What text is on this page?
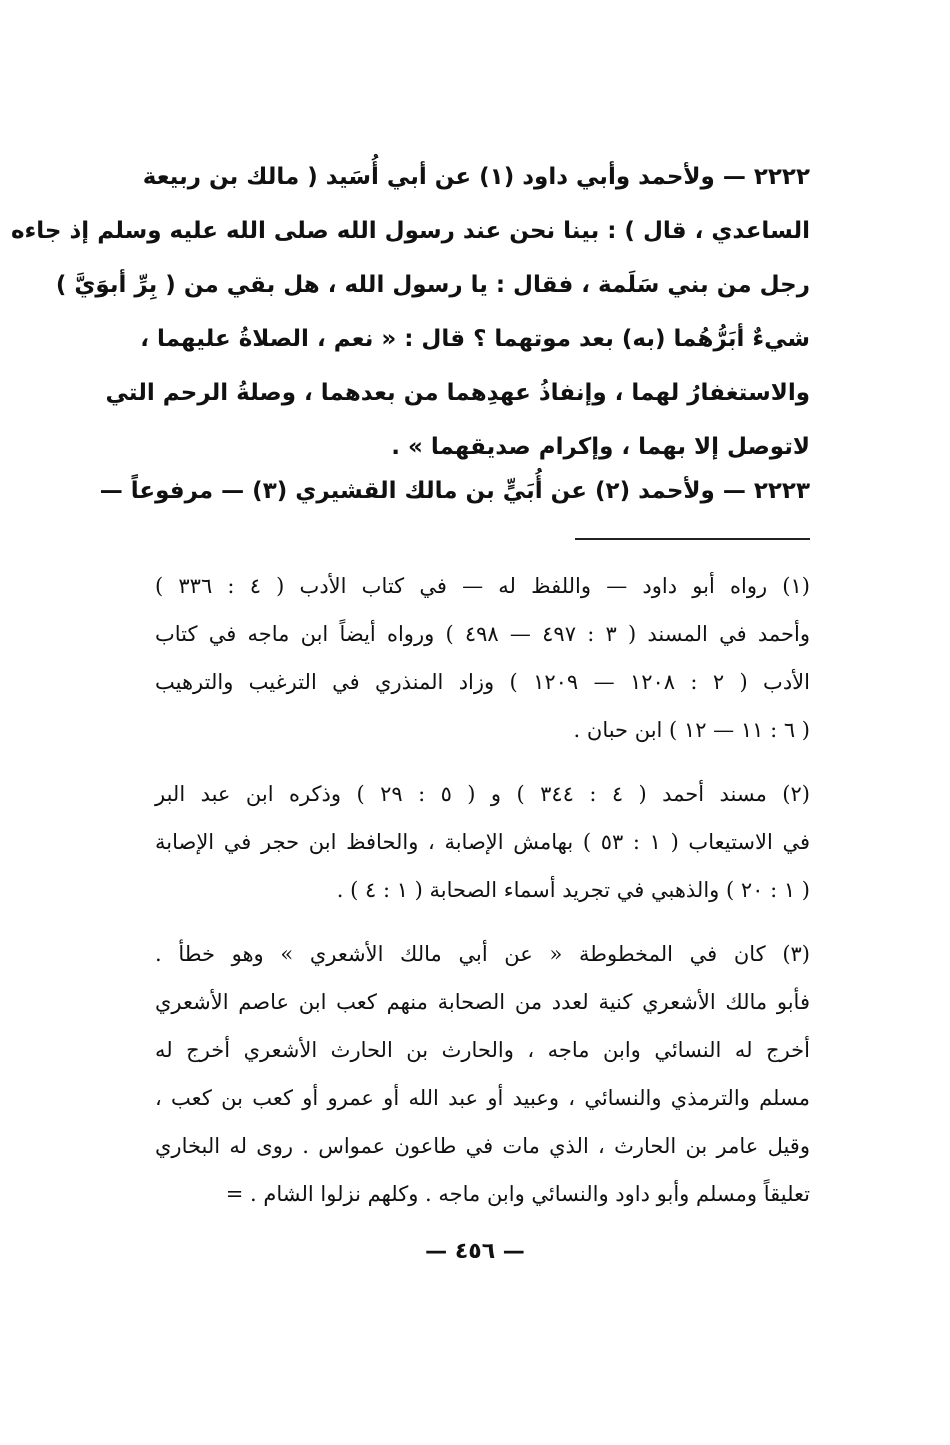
٢٢٢٢ — ولأحمد وأبي داود (١) عن أبي أُسَيد ( مالك بن ربيعة
الساعدي ، قال ) : بينا نحن عند رسول الله صلى الله عليه وسلم إذ جاءه
رجل من بني سَلَمة ، فقال : يا رسول الله ، هل بقي من ( بِرِّ أبوَيَّ )
شيءٌ أبَرُّهُما (به) بعد موتهما ؟ قال : « نعم ، الصلاةُ عليهما ،
والاستغفارُ لهما ، وإنفاذُ عهدِهما من بعدهما ، وصلةُ الرحم التي
لاتوصل إلا بهما ، وإكرام صديقهما » .
٢٢٢٣ — ولأحمد (٢) عن أُبَيٍّ بن مالك القشيري (٣) — مرفوعاً —
(١) رواه أبو داود — واللفظ له — في كتاب الأدب ( ٤ : ٣٣٦ )
وأحمد في المسند ( ٣ : ٤٩٧ — ٤٩٨ ) ورواه أيضاً ابن ماجه في كتاب
الأدب ( ٢ : ١٢٠٨ — ١٢٠٩ ) وزاد المنذري في الترغيب والترهيب
( ٦ : ١١ — ١٢ ) ابن حبان .
(٢) مسند أحمد ( ٤ : ٣٤٤ ) و ( ٥ : ٢٩ ) وذكره ابن عبد البر
في الاستيعاب ( ١ : ٥٣ ) بهامش الإصابة ، والحافظ ابن حجر في الإصابة
( ١ : ٢٠ ) والذهبي في تجريد أسماء الصحابة ( ١ : ٤ ) .
(٣) كان في المخطوطة « عن أبي مالك الأشعري » وهو خطأ .
فأبو مالك الأشعري كنية لعدد من الصحابة منهم كعب ابن عاصم الأشعري
أخرج له النسائي وابن ماجه ، والحارث بن الحارث الأشعري أخرج له
مسلم والترمذي والنسائي ، وعبيد أو عبد الله أو عمرو أو كعب بن كعب ،
وقيل عامر بن الحارث ، الذي مات في طاعون عمواس . روى له البخاري
تعليقاً ومسلم وأبو داود والنسائي وابن ماجه . وكلهم نزلوا الشام . =
— ٤٥٦ —
